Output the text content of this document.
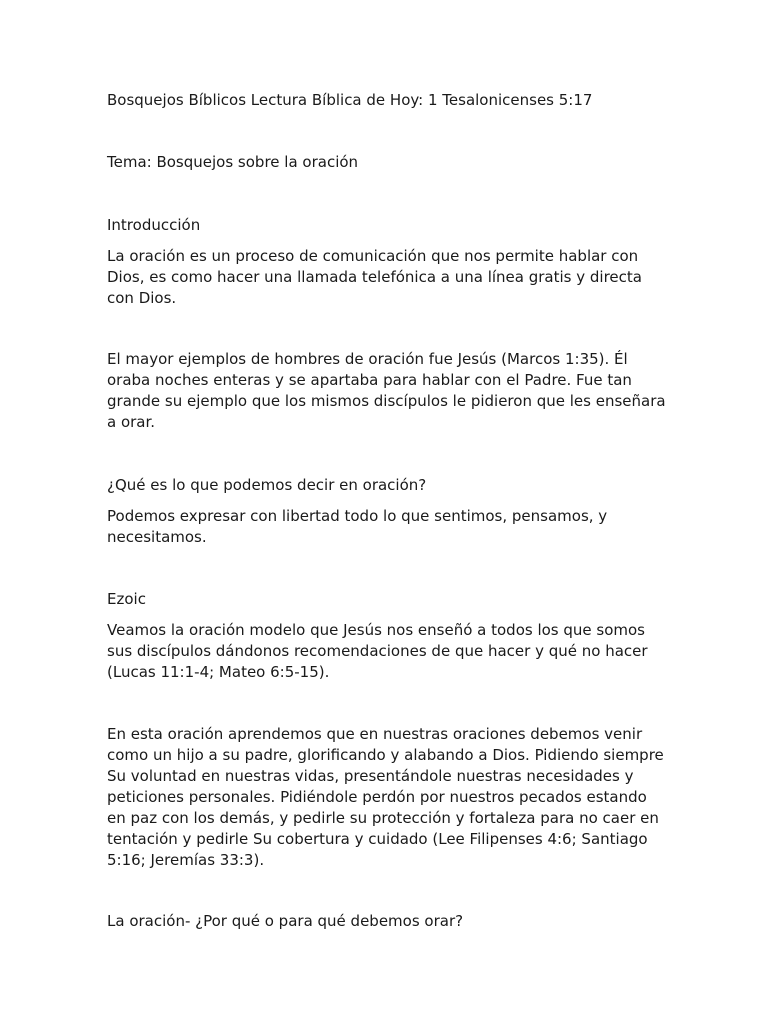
Bosquejos Bíblicos Lectura Bíblica de Hoy: 1 Tesalonicenses 5:17

Tema: Bosquejos sobre la oración

Introducción

La oración es un proceso de comunicación que nos permite hablar con Dios, es como hacer una llamada telefónica a una línea gratis y directa con Dios.

El mayor ejemplos de hombres de oración fue Jesús (Marcos 1:35). Él oraba noches enteras y se apartaba para hablar con el Padre. Fue tan grande su ejemplo que los mismos discípulos le pidieron que les enseñara a orar.

¿Qué es lo que podemos decir en oración?

Podemos expresar con libertad todo lo que sentimos, pensamos, y necesitamos.

Ezoic

Veamos la oración modelo que Jesús nos enseñó a todos los que somos sus discípulos dándonos recomendaciones de que hacer y qué no hacer (Lucas 11:1-4; Mateo 6:5-15).

En esta oración aprendemos que en nuestras oraciones debemos venir como un hijo a su padre, glorificando y alabando a Dios. Pidiendo siempre Su voluntad en nuestras vidas, presentándole nuestras necesidades y peticiones personales. Pidiéndole perdón por nuestros pecados estando en paz con los demás, y pedirle su protección y fortaleza para no caer en tentación y pedirle Su cobertura y cuidado (Lee Filipenses 4:6; Santiago 5:16; Jeremías 33:3).

La oración- ¿Por qué o para qué debemos orar?
